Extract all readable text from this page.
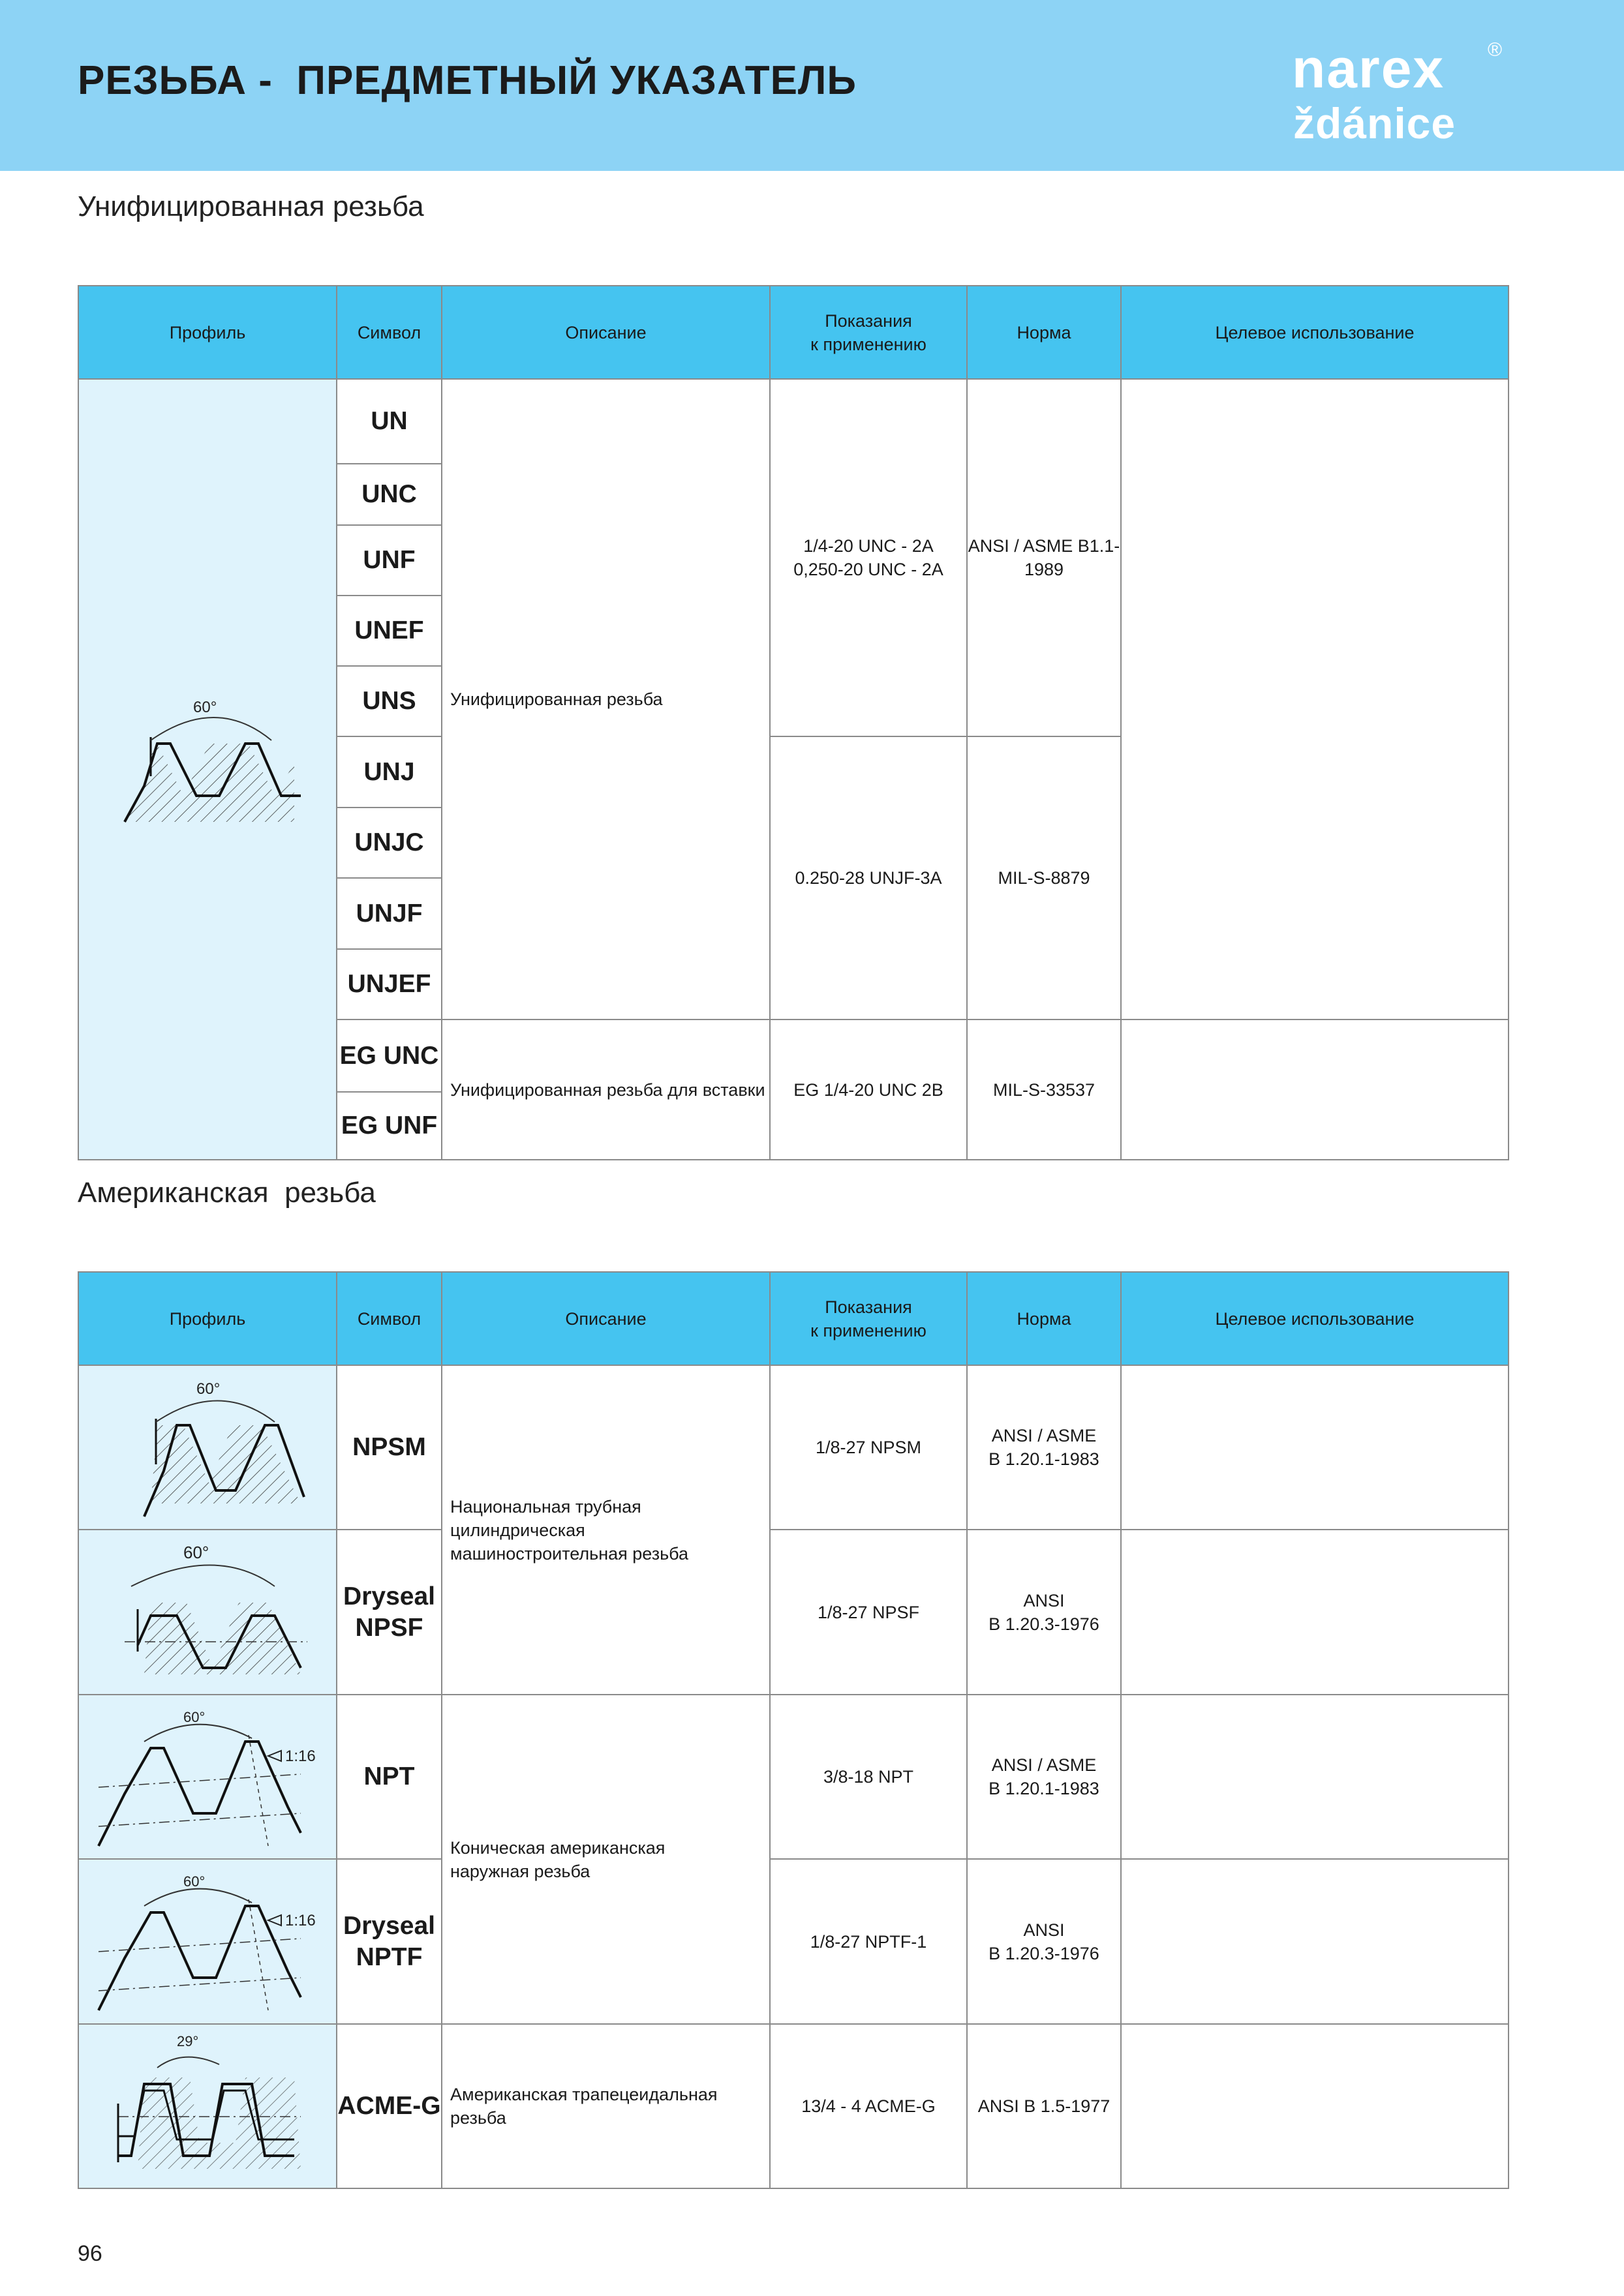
РЕЗЬБА -  ПРЕДМЕТНЫЙ УКАЗАТЕЛЬ	narex
ždánice
®
Унифицированная резьба
Профиль	Символ	Описание	Показания
к применению	Норма	Целевое использование

60°	UN	Унифицированная резьба	1/4-20 UNC - 2A
0,250-20 UNC - 2A	ANSI / ASME B1.1-
1989	
	UNC				
	UNF				
	UNEF				
	UNS				
	UNJ		0.250-28 UNJF-3A	MIL-S-8879	
	UNJC				
	UNJF				
	UNJEF				
	EG UNC	Унифицированная резьба для вставки	EG 1/4-20 UNC 2B	MIL-S-33537	
	EG UNF				
Американская  резьба
Профиль	Символ	Описание	Показания
к применению	Норма	Целевое использование

60°	NPSM	Национальная трубная
цилиндрическая
машиностроительная резьба	1/8-27 NPSM	ANSI / ASME
B 1.20.1-1983	

60°	Dryseal
NPSF		1/8-27 NPSF	ANSI
B 1.20.3-1976	

60°
1:16	NPT	Коническая американская
наружная резьба	3/8-18 NPT	ANSI / ASME
B 1.20.1-1983	

60°
1:16	Dryseal
NPTF		1/8-27 NPTF-1	ANSI
B 1.20.3-1976	

29°	ACME-G	Американская трапецеидальная
резьба	13/4 - 4 ACME-G	ANSI B 1.5-1977	
96
